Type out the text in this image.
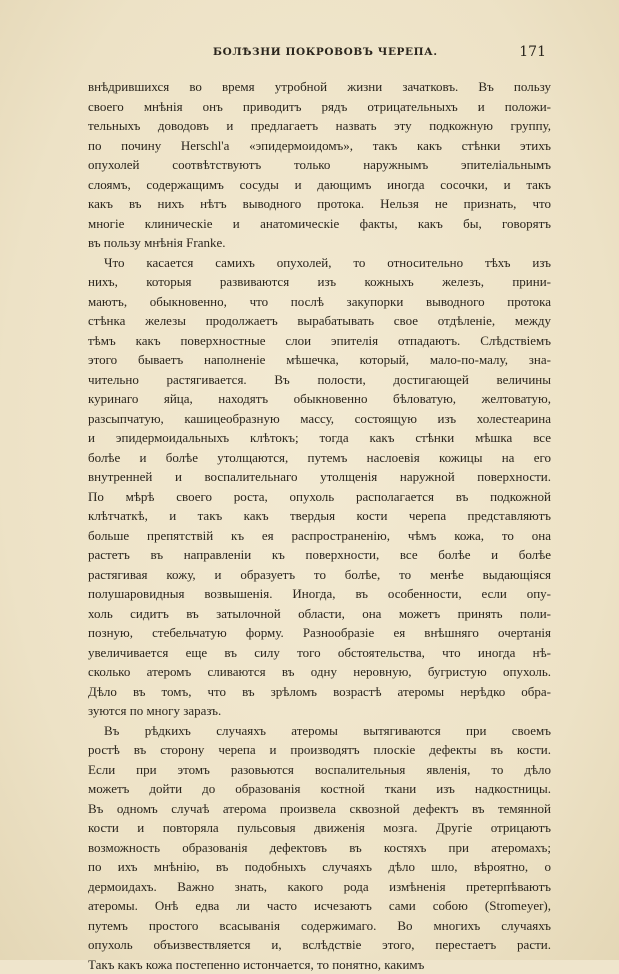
БОЛѢЗНИ ПОКРОВОВЪ ЧЕРЕПА.	171

внѣдрившихся во время утробной жизни зачатковъ. Въ пользу
своего мнѣнія онъ приводитъ рядъ отрицательныхъ и положи-
тельныхъ доводовъ и предлагаетъ назвать эту подкожную группу,
по почину Herschl'a «эпидермоидомъ», такъ какъ стѣнки этихъ
опухолей соотвѣтствуютъ только наружнымъ эпителіальнымъ
слоямъ, содержащимъ сосуды и дающимъ иногда сосочки, и такъ
какъ въ нихъ нѣтъ выводного протока. Нельзя не признать, что
многіе клиническіе и анатомическіе факты, какъ бы, говорятъ
въ пользу мнѣнія Franke.

Что касается самихъ опухолей, то относительно тѣхъ изъ
нихъ, которыя развиваются изъ кожныхъ железъ, прини-
маютъ, обыкновенно, что послѣ закупорки выводного протока
стѣнка железы продолжаетъ вырабатывать свое отдѣленіе, между
тѣмъ какъ поверхностные слои эпителія отпадаютъ. Слѣдствіемъ
этого бываетъ наполненіе мѣшечка, который, мало-по-малу, зна-
чительно растягивается. Въ полости, достигающей величины
куринаго яйца, находятъ обыкновенно бѣловатую, желтоватую,
разсыпчатую, кашицеобразную массу, состоящую изъ холестеарина
и эпидермоидальныхъ клѣтокъ; тогда какъ стѣнки мѣшка все
болѣе и болѣе утолщаются, путемъ наслоевія кожицы на его
внутренней и воспалительнаго утолщенія наружной поверхности.
По мѣрѣ своего роста, опухоль располагается въ подкожной
клѣтчаткѣ, и такъ какъ твердыя кости черепа представляютъ
больше препятствій къ ея распространенію, чѣмъ кожа, то она
растетъ въ направленіи къ поверхности, все болѣе и болѣе
растягивая кожу, и образуетъ то болѣе, то менѣе выдающіяся
полушаровидныя возвышенія. Иногда, въ особенности, если опу-
холь сидитъ въ затылочной области, она можетъ принять поли-
позную, стебельчатую форму. Разнообразіе ея внѣшняго очертанія
увеличивается еще въ силу того обстоятельства, что иногда нѣ-
сколько атеромъ сливаются въ одну неровную, бугристую опухоль.
Дѣло въ томъ, что въ зрѣломъ возрастѣ атеромы нерѣдко обра-
зуются по многу заразъ.

Въ рѣдкихъ случаяхъ атеромы вытягиваются при своемъ
ростѣ въ сторону черепа и производятъ плоскіе дефекты въ кости.
Если при этомъ разовьются воспалительныя явленія, то дѣло
можетъ дойти до образованія костной ткани изъ надкостницы.
Въ одномъ случаѣ атерома произвела сквозной дефектъ въ темянной
кости и повторяла пульсовыя движенія мозга. Другіе отрицаютъ
возможность образованія дефектовъ въ костяхъ при атеромахъ;
по ихъ мнѣнію, въ подобныхъ случаяхъ дѣло шло, вѣроятно, о
дермоидахъ. Важно знать, какого рода измѣненія претерпѣваютъ
атеромы. Онѣ едва ли часто исчезаютъ сами собою (Stromeyer),
путемъ простого всасыванія содержимаго. Во многихъ случаяхъ
опухоль объизвествляется и, вслѣдствіе этого, перестаетъ расти.
Такъ какъ кожа постепенно истончается, то понятно, какимъ
